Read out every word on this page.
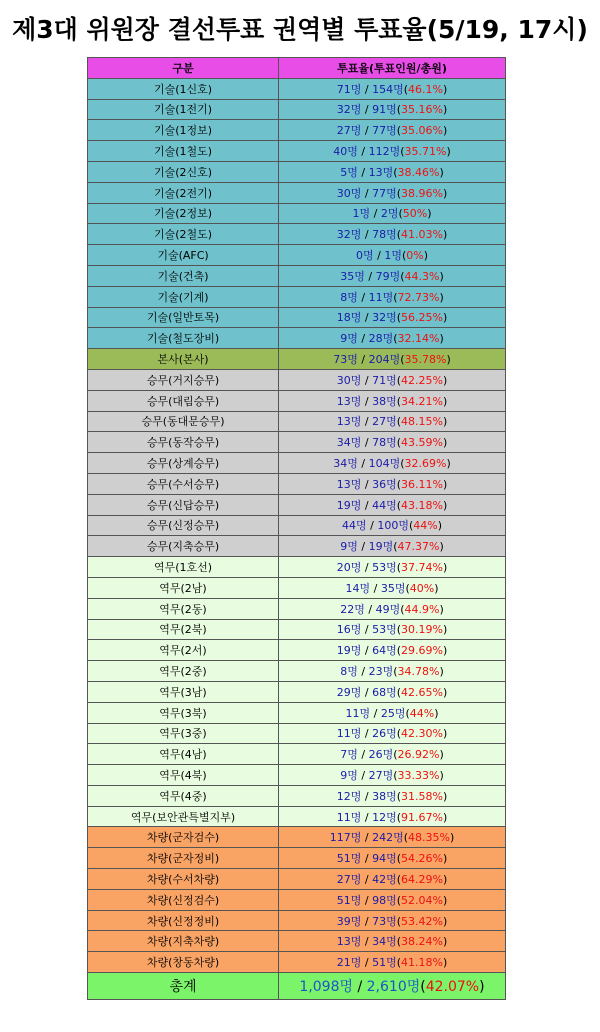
제3대 위원장 결선투표 권역별 투표율(5/19, 17시)
구분	투표율(투표인원/총원)
기술(1신호)	71명 / 154명(46.1%)
기술(1전기)	32명 / 91명(35.16%)
기술(1정보)	27명 / 77명(35.06%)
기술(1철도)	40명 / 112명(35.71%)
기술(2신호)	5명 / 13명(38.46%)
기술(2전기)	30명 / 77명(38.96%)
기술(2정보)	1명 / 2명(50%)
기술(2철도)	32명 / 78명(41.03%)
기술(AFC)	0명 / 1명(0%)
기술(건축)	35명 / 79명(44.3%)
기술(기계)	8명 / 11명(72.73%)
기술(일반토목)	18명 / 32명(56.25%)
기술(철도장비)	9명 / 28명(32.14%)
본사(본사)	73명 / 204명(35.78%)
승무(거지승무)	30명 / 71명(42.25%)
승무(대림승무)	13명 / 38명(34.21%)
승무(동대문승무)	13명 / 27명(48.15%)
승무(동작승무)	34명 / 78명(43.59%)
승무(상계승무)	34명 / 104명(32.69%)
승무(수서승무)	13명 / 36명(36.11%)
승무(신답승무)	19명 / 44명(43.18%)
승무(신정승무)	44명 / 100명(44%)
승무(지축승무)	9명 / 19명(47.37%)
역무(1호선)	20명 / 53명(37.74%)
역무(2남)	14명 / 35명(40%)
역무(2동)	22명 / 49명(44.9%)
역무(2북)	16명 / 53명(30.19%)
역무(2서)	19명 / 64명(29.69%)
역무(2중)	8명 / 23명(34.78%)
역무(3남)	29명 / 68명(42.65%)
역무(3북)	11명 / 25명(44%)
역무(3중)	11명 / 26명(42.30%)
역무(4남)	7명 / 26명(26.92%)
역무(4북)	9명 / 27명(33.33%)
역무(4중)	12명 / 38명(31.58%)
역무(보안관특별지부)	11명 / 12명(91.67%)
차량(군자검수)	117명 / 242명(48.35%)
차량(군자정비)	51명 / 94명(54.26%)
차량(수서차량)	27명 / 42명(64.29%)
차량(신정검수)	51명 / 98명(52.04%)
차량(신정정비)	39명 / 73명(53.42%)
차량(지축차량)	13명 / 34명(38.24%)
차량(창동차량)	21명 / 51명(41.18%)
총계	1,098명 / 2,610명(42.07%)
